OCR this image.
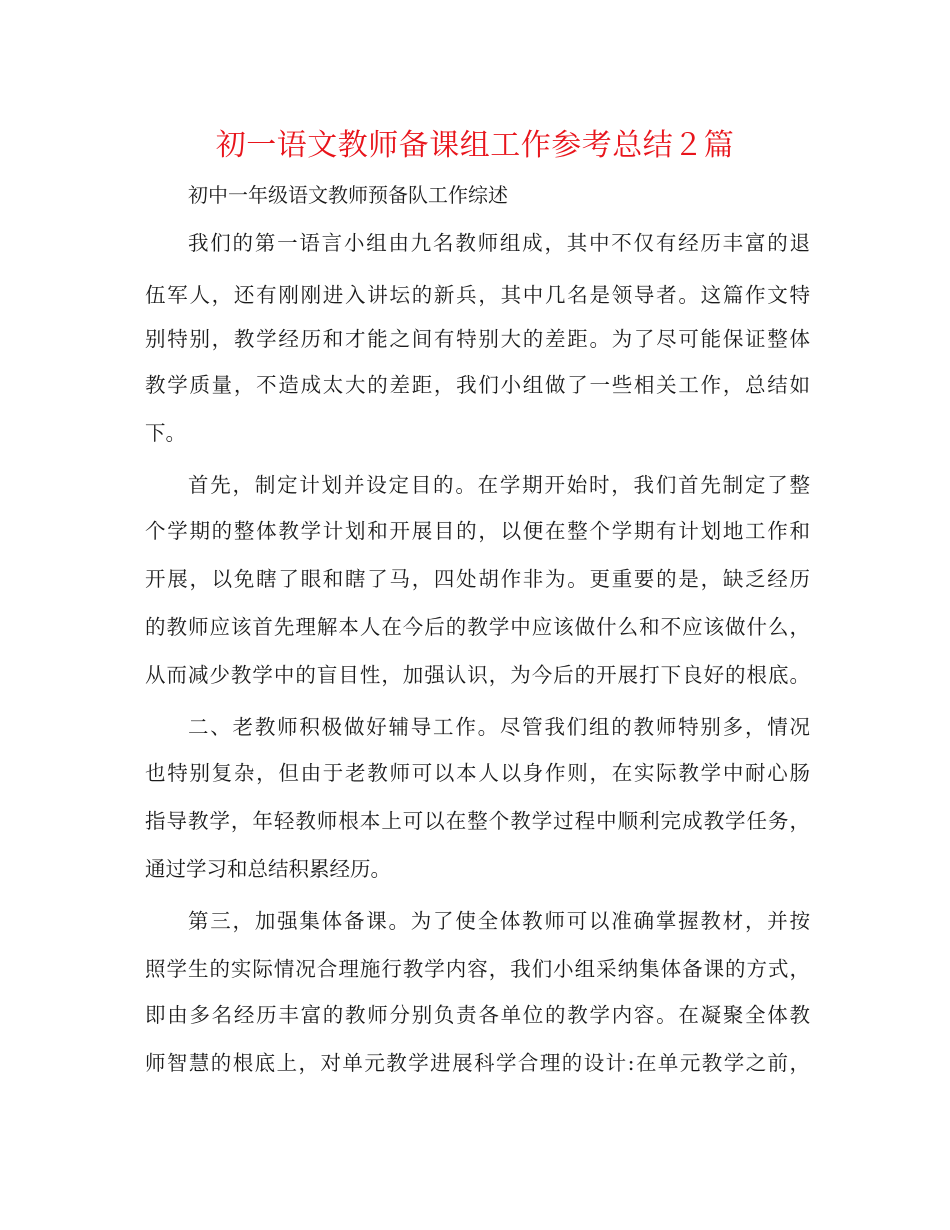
初一语文教师备课组工作参考总结２篇

初中一年级语文教师预备队工作综述

我们的第一语言小组由九名教师组成，其中不仅有经历丰富的退

伍军人，还有刚刚进入讲坛的新兵，其中几名是领导者。这篇作文特

别特别，教学经历和才能之间有特别大的差距。为了尽可能保证整体

教学质量，不造成太大的差距，我们小组做了一些相关工作，总结如

下。

首先，制定计划并设定目的。在学期开始时，我们首先制定了整

个学期的整体教学计划和开展目的，以便在整个学期有计划地工作和

开展，以免瞎了眼和瞎了马，四处胡作非为。更重要的是，缺乏经历

的教师应该首先理解本人在今后的教学中应该做什么和不应该做什么，

从而减少教学中的盲目性，加强认识，为今后的开展打下良好的根底。

二、老教师积极做好辅导工作。尽管我们组的教师特别多，情况

也特别复杂，但由于老教师可以本人以身作则，在实际教学中耐心肠

指导教学，年轻教师根本上可以在整个教学过程中顺利完成教学任务，

通过学习和总结积累经历。

第三，加强集体备课。为了使全体教师可以准确掌握教材，并按

照学生的实际情况合理施行教学内容，我们小组采纳集体备课的方式，

即由多名经历丰富的教师分别负责各单位的教学内容。在凝聚全体教

师智慧的根底上，对单元教学进展科学合理的设计:在单元教学之前，
